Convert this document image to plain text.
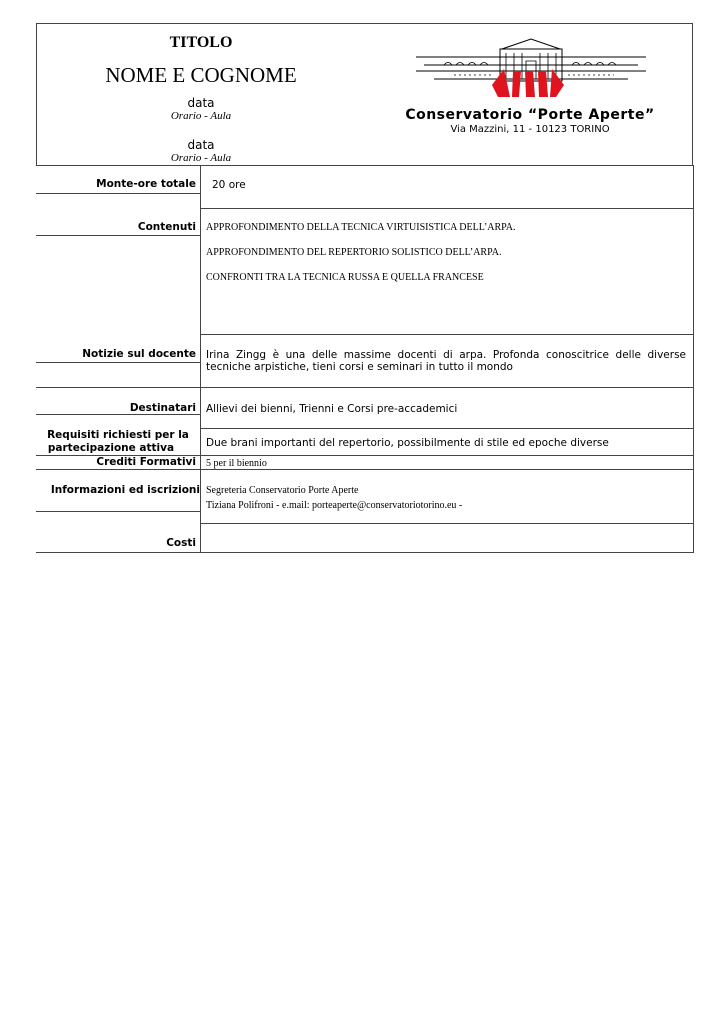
TITOLO
NOME E COGNOME
data
Orario - Aula
data
Orario - Aula
Conservatorio “Porte Aperte”
Via Mazzini, 11 - 10123 TORINO
Monte-ore totale
Contenuti
Notizie sul docente
Destinatari
Requisiti richiesti per la
partecipazione attiva
Crediti Formativi
Informazioni ed iscrizioni
Costi
20 ore
APPROFONDIMENTO DELLA TECNICA VIRTUISISTICA DELL’ARPA.
APPROFONDIMENTO DEL REPERTORIO SOLISTICO DELL’ARPA.
CONFRONTI TRA LA TECNICA RUSSA E QUELLA FRANCESE
Irina Zingg è una delle massime docenti di arpa. Profonda conoscitrice delle diverse tecniche arpistiche, tieni corsi e seminari in tutto il mondo
Allievi dei bienni, Trienni e Corsi pre-accademici
Due brani importanti del repertorio, possibilmente di stile ed epoche diverse
5 per il biennio
Segreteria Conservatorio Porte Aperte
Tiziana Polifroni - e.mail: porteaperte@conservatoriotorino.eu -
